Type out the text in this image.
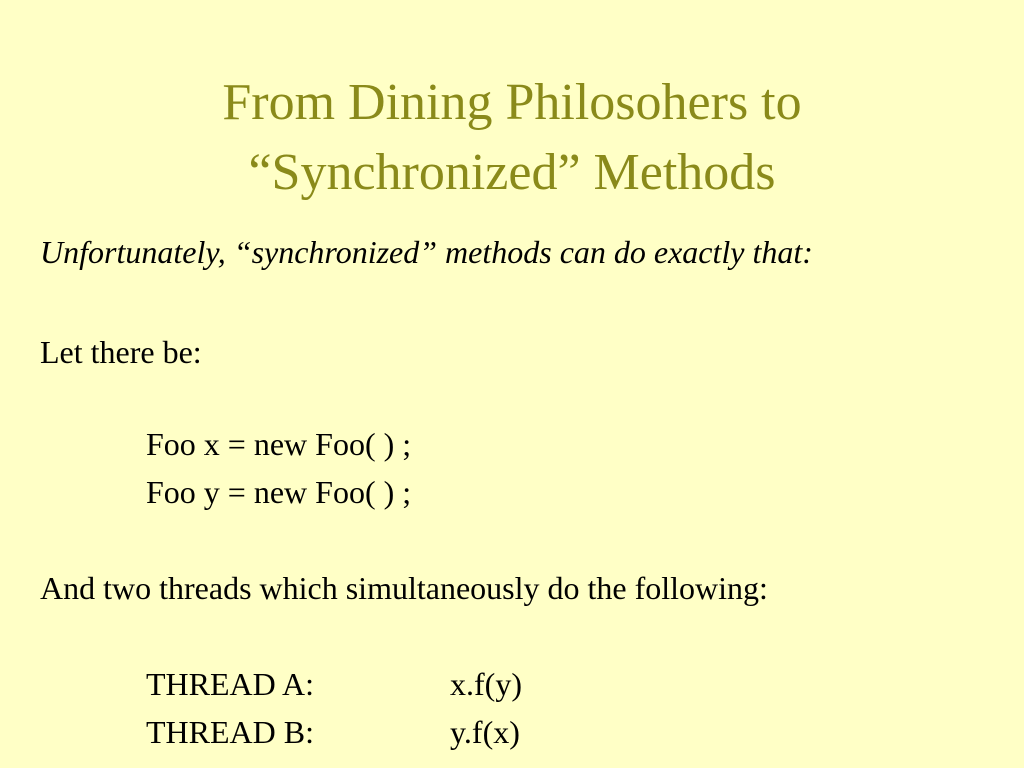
From Dining Philosohers to
“Synchronized” Methods
Unfortunately, “synchronized” methods can do exactly that:
Let there be:
Foo x = new Foo( ) ;
Foo y = new Foo( ) ;
And two threads which simultaneously do the following:
THREAD A:	x.f(y)
THREAD B:	y.f(x)
